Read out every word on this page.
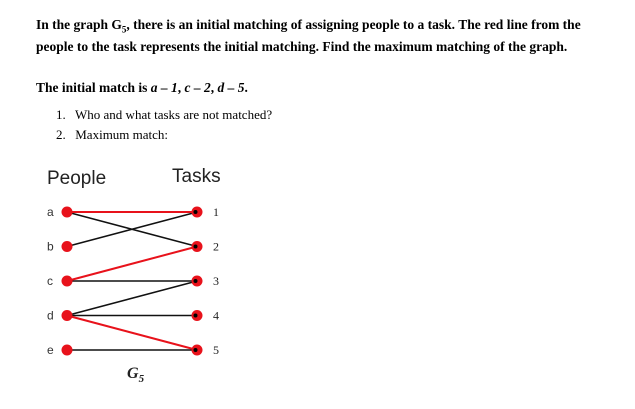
In the graph $G_5$, there is an initial matching of assigning people to a task. The red line from the people to the task represents the initial matching. Find the maximum matching of the graph.
The initial match is a – 1, c – 2, d – 5.
1. Who and what tasks are not matched?
2. Maximum match:
People	Tasks
a
b
c
d
e
1
2
3
4
5
$G_5$
